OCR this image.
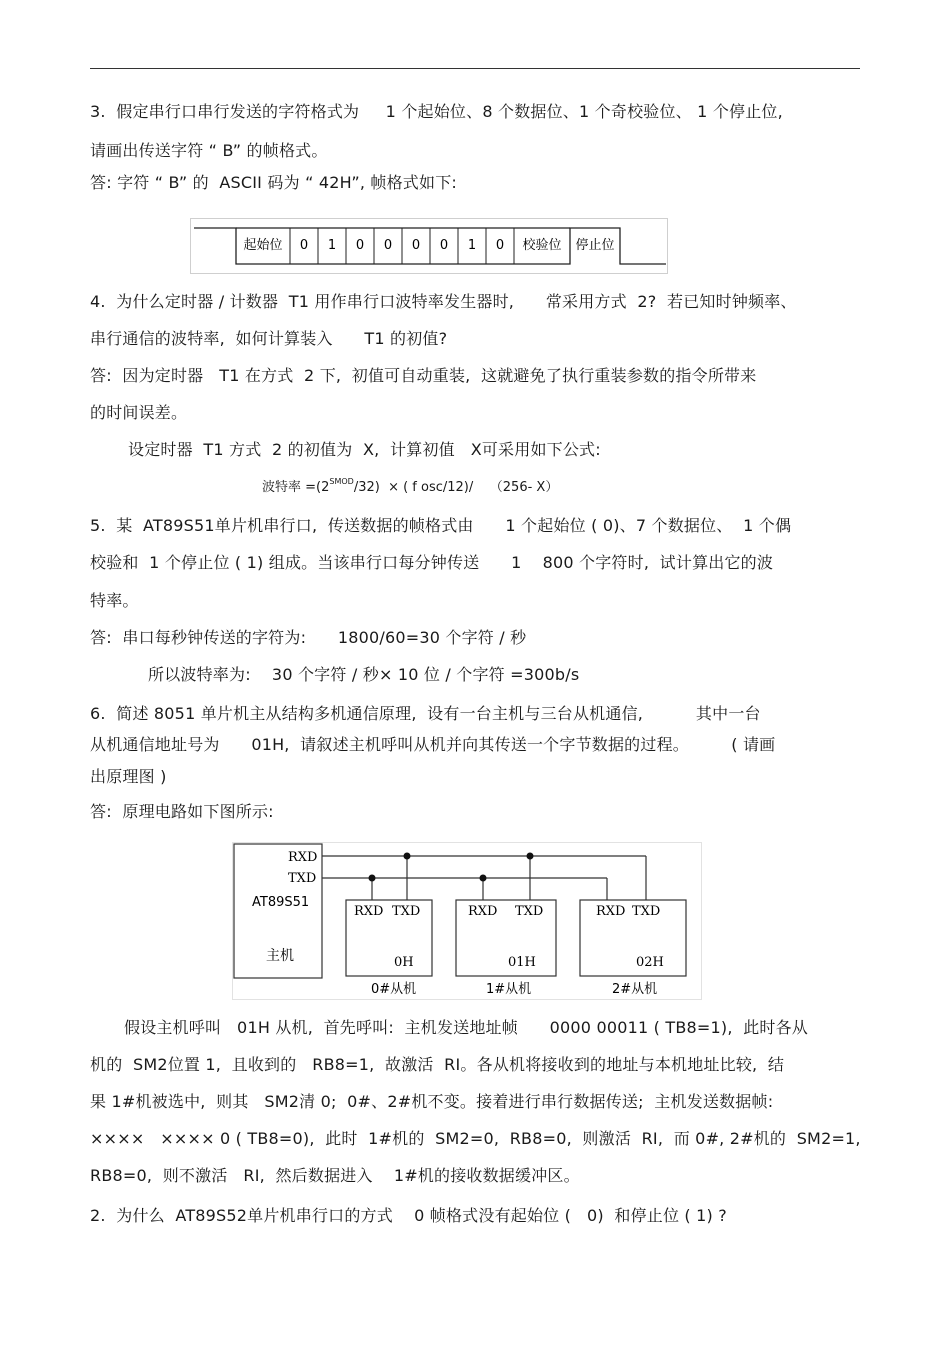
3.  假定串行口串行发送的字符格式为     1 个起始位、8 个数据位、1 个奇校验位、 1 个停止位,
请画出传送字符 “ B” 的帧格式。
答: 字符 “ B” 的  ASCII 码为 “ 42H”, 帧格式如下:
起始位 0 1 0 0 0 0 1 0 校验位 停止位
4.  为什么定时器 / 计数器  T1 用作串行口波特率发生器时,      常采用方式  2?  若已知时钟频率、
串行通信的波特率,  如何计算装入      T1 的初值?
答:  因为定时器   T1 在方式  2 下,  初值可自动重装,  这就避免了执行重装参数的指令所带来
的时间误差。
设定时器  T1 方式  2 的初值为  X,  计算初值   X可采用如下公式:
波特率 $=(2^{SMOD}/32)$  × ( f osc/12)/    （256- X）
5.  某  AT89S51单片机串行口,  传送数据的帧格式由      1 个起始位 ( 0)、7 个数据位、  1 个偶
校验和  1 个停止位 ( 1) 组成。当该串行口每分钟传送      1    800 个字符时,  试计算出它的波
特率。
答:  串口每秒钟传送的字符为:      1800/60=30 个字符 / 秒
所以波特率为:    30 个字符 / 秒× 10 位 / 个字符 =300b/s
6.  简述 8051 单片机主从结构多机通信原理,  设有一台主机与三台从机通信,          其中一台
从机通信地址号为      01H,  请叙述主机呼叫从机并向其传送一个字节数据的过程。        ( 请画
出原理图 )
答:  原理电路如下图所示:
AT89S51
主机
RXD
TXD
RXD TXD
0H
0#从机
RXD TXD
01H
1#从机
RXD TXD
02H
2#从机
假设主机呼叫   01H 从机,  首先呼叫:  主机发送地址帧      0000 00011 ( TB8=1),  此时各从
机的  SM2位置 1,  且收到的   RB8=1,  故激活  RI。各从机将接收到的地址与本机地址比较,  结
果 1#机被选中,  则其   SM2清 0;  0#、2#机不变。接着进行串行数据传送;  主机发送数据帧:
××××   ×××× 0 ( TB8=0),  此时  1#机的  SM2=0,  RB8=0,  则激活  RI,  而 0#, 2#机的  SM2=1,
RB8=0,  则不激活   RI,  然后数据进入    1#机的接收数据缓冲区。
2.  为什么  AT89S52单片机串行口的方式    0 帧格式没有起始位 (   0)  和停止位 ( 1) ?
